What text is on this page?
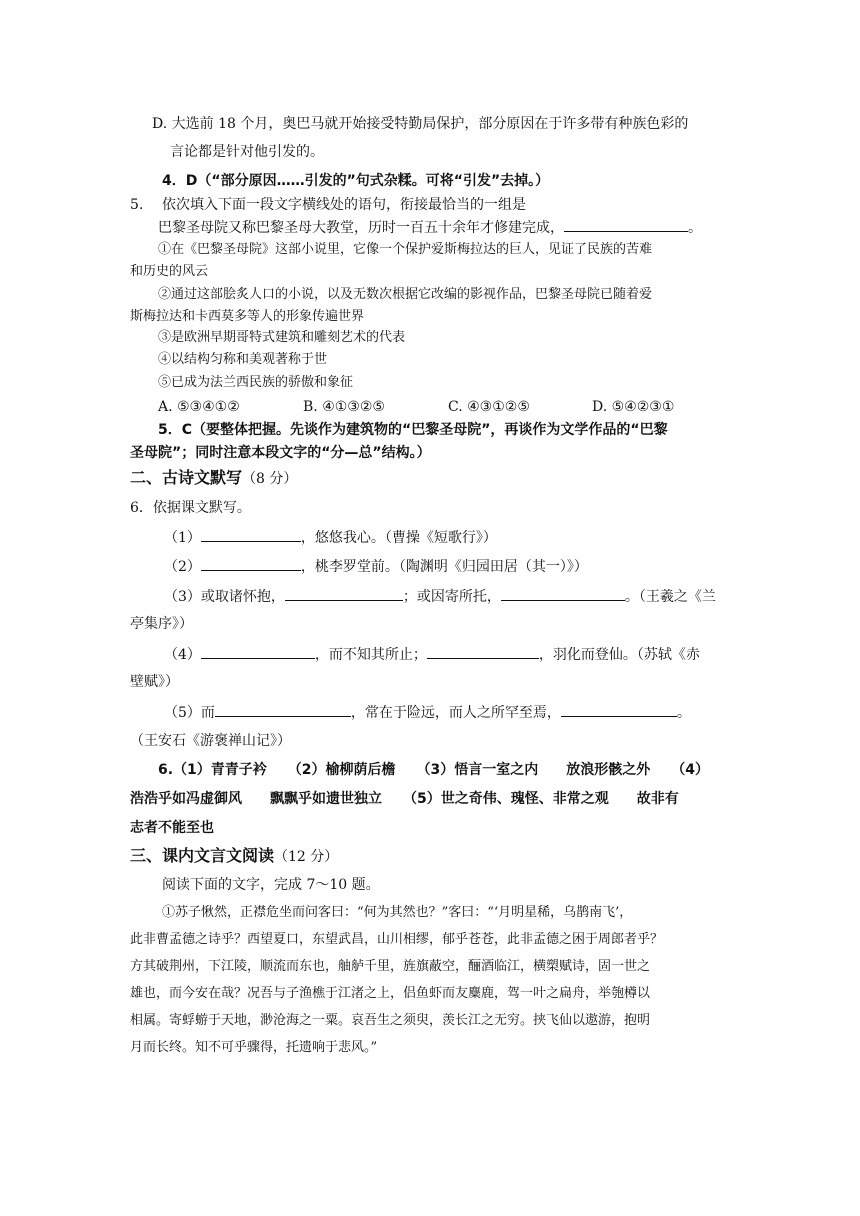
D. 大选前 18 个月，奥巴马就开始接受特勤局保护，部分原因在于许多带有种族色彩的
言论都是针对他引发的。
4．D（“部分原因……引发的”句式杂糅。可将“引发”去掉。）
5. 依次填入下面一段文字横线处的语句，衔接最恰当的一组是
巴黎圣母院又称巴黎圣母大教堂，历时一百五十余年才修建完成，	。
①在《巴黎圣母院》这部小说里，它像一个保护爱斯梅拉达的巨人，见证了民族的苦难
和历史的风云
②通过这部脍炙人口的小说，以及无数次根据它改编的影视作品，巴黎圣母院已随着爱
斯梅拉达和卡西莫多等人的形象传遍世界
③是欧洲早期哥特式建筑和雕刻艺术的代表
④以结构匀称和美观著称于世
⑤已成为法兰西民族的骄傲和象征
A. ⑤③④①②	B. ④①③②⑤	C. ④③①②⑤	D. ⑤④②③①
5．C（要整体把握。先谈作为建筑物的“巴黎圣母院”，再谈作为文学作品的“巴黎
圣母院”；同时注意本段文字的“分—总”结构。）
二、古诗文默写（8 分）
6．依据课文默写。
（1）	，悠悠我心。（曹操《短歌行》）
（2）	，桃李罗堂前。（陶渊明《归园田居（其一）》）
（3）或取诸怀抱，	；或因寄所托，	。（王羲之《兰
亭集序》）
（4）	，而不知其所止；	，羽化而登仙。（苏轼《赤
壁赋》）
（5）而	，常在于险远，而人之所罕至焉，	。
（王安石《游褒禅山记》）
6.（1）青青子衿　　（2）榆柳荫后檐　　（3）悟言一室之内　　放浪形骸之外　　（4）
浩浩乎如冯虚御风　　飘飘乎如遗世独立　　（5）世之奇伟、瑰怪、非常之观　　故非有
志者不能至也
三、课内文言文阅读（12 分）
阅读下面的文字，完成 7～10 题。
①苏子愀然，正襟危坐而问客曰：“何为其然也？”客曰：“‘月明星稀，乌鹊南飞’，
此非曹孟德之诗乎？西望夏口，东望武昌，山川相缪，郁乎苍苍，此非孟德之困于周郎者乎？
方其破荆州，下江陵，顺流而东也，舳舻千里，旌旗蔽空，酾酒临江，横槊赋诗，固一世之
雄也，而今安在哉？况吾与子渔樵于江渚之上，侣鱼虾而友麋鹿，驾一叶之扁舟，举匏樽以
相属。寄蜉蝣于天地，渺沧海之一粟。哀吾生之须臾，羡长江之无穷。挟飞仙以遨游，抱明
月而长终。知不可乎骤得，托遗响于悲风。”
